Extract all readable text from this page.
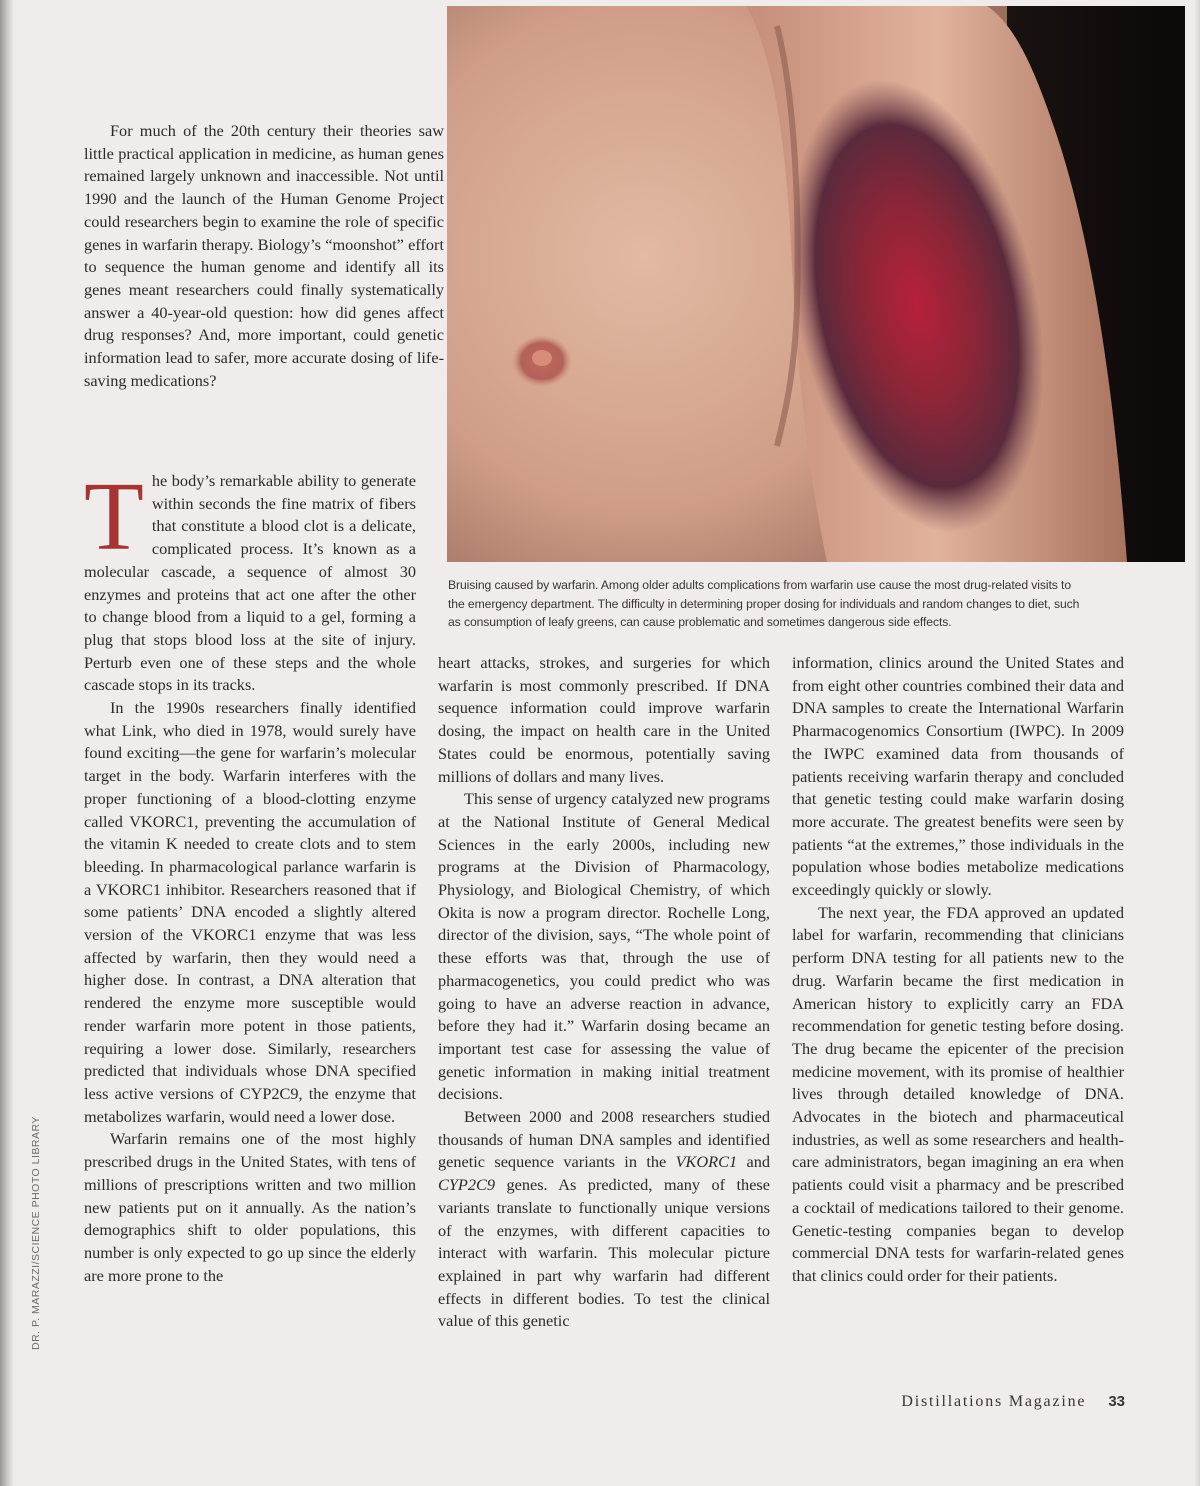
Bruising caused by warfarin. Among older adults complications from warfarin use cause the most drug-related visits to the emergency department. The difficulty in determining proper dosing for individuals and random changes to diet, such as consumption of leafy greens, can cause problematic and sometimes dangerous side effects.

DR. P. MARAZZI/SCIENCE PHOTO LIBRARY

For much of the 20th century their theories saw little practical application in medicine, as human genes remained largely unknown and inaccessible. Not until 1990 and the launch of the Human Genome Project could researchers begin to examine the role of specific genes in warfarin therapy. Biology’s “moonshot” effort to sequence the human genome and identify all its genes meant researchers could finally systematically answer a 40-year-old question: how did genes affect drug responses? And, more important, could genetic information lead to safer, more accurate dosing of life-saving medications?

The body’s remarkable ability to generate within seconds the fine matrix of fibers that constitute a blood clot is a delicate, complicated process. It’s known as a molecular cascade, a sequence of almost 30 enzymes and proteins that act one after the other to change blood from a liquid to a gel, forming a plug that stops blood loss at the site of injury. Perturb even one of these steps and the whole cascade stops in its tracks.

In the 1990s researchers finally identified what Link, who died in 1978, would surely have found exciting—the gene for warfarin’s molecular target in the body. Warfarin interferes with the proper functioning of a blood-clotting enzyme called VKORC1, preventing the accumulation of the vitamin K needed to create clots and to stem bleeding. In pharmacological parlance warfarin is a VKORC1 inhibitor. Researchers reasoned that if some patients’ DNA encoded a slightly altered version of the VKORC1 enzyme that was less affected by warfarin, then they would need a higher dose. In contrast, a DNA alteration that rendered the enzyme more susceptible would render warfarin more potent in those patients, requiring a lower dose. Similarly, researchers predicted that individuals whose DNA specified less active versions of CYP2C9, the enzyme that metabolizes warfarin, would need a lower dose.

Warfarin remains one of the most highly prescribed drugs in the United States, with tens of millions of prescriptions written and two million new patients put on it annually. As the nation’s demographics shift to older populations, this number is only expected to go up since the elderly are more prone to the

heart attacks, strokes, and surgeries for which warfarin is most commonly prescribed. If DNA sequence information could improve warfarin dosing, the impact on health care in the United States could be enormous, potentially saving millions of dollars and many lives.

This sense of urgency catalyzed new programs at the National Institute of General Medical Sciences in the early 2000s, including new programs at the Division of Pharmacology, Physiology, and Biological Chemistry, of which Okita is now a program director. Rochelle Long, director of the division, says, “The whole point of these efforts was that, through the use of pharmacogenetics, you could predict who was going to have an adverse reaction in advance, before they had it.” Warfarin dosing became an important test case for assessing the value of genetic information in making initial treatment decisions.

Between 2000 and 2008 researchers studied thousands of human DNA samples and identified genetic sequence variants in the VKORC1 and CYP2C9 genes. As predicted, many of these variants translate to functionally unique versions of the enzymes, with different capacities to interact with warfarin. This molecular picture explained in part why warfarin had different effects in different bodies. To test the clinical value of this genetic

information, clinics around the United States and from eight other countries combined their data and DNA samples to create the International Warfarin Pharmacogenomics Consortium (IWPC). In 2009 the IWPC examined data from thousands of patients receiving warfarin therapy and concluded that genetic testing could make warfarin dosing more accurate. The greatest benefits were seen by patients “at the extremes,” those individuals in the population whose bodies metabolize medications exceedingly quickly or slowly.

The next year, the FDA approved an updated label for warfarin, recommending that clinicians perform DNA testing for all patients new to the drug. Warfarin became the first medication in American history to explicitly carry an FDA recommendation for genetic testing before dosing. The drug became the epicenter of the precision medicine movement, with its promise of healthier lives through detailed knowledge of DNA. Advocates in the biotech and pharmaceutical industries, as well as some researchers and health-care administrators, began imagining an era when patients could visit a pharmacy and be prescribed a cocktail of medications tailored to their genome. Genetic-testing companies began to develop commercial DNA tests for warfarin-related genes that clinics could order for their patients.

Distillations Magazine 33
